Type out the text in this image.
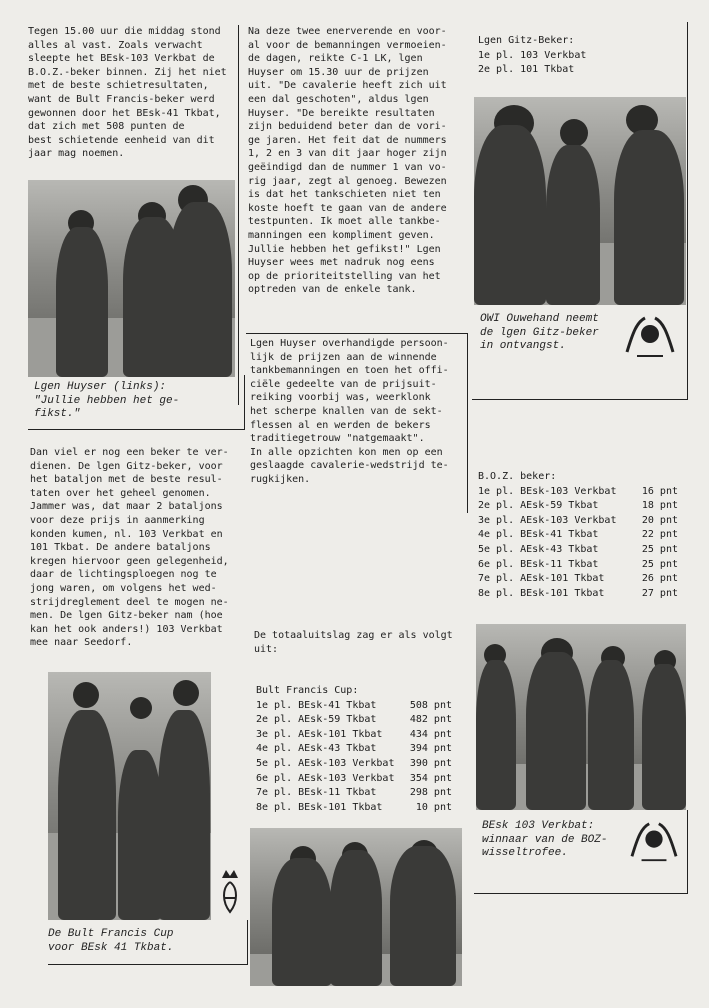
Tegen 15.00 uur die middag stond
alles al vast. Zoals verwacht
sleepte het BEsk-103 Verkbat de
B.O.Z.-beker binnen. Zij het niet
met de beste schietresultaten,
want de Bult Francis-beker werd
gewonnen door het BEsk-41 Tkbat,
dat zich met 508 punten de
best schietende eenheid van dit
jaar mag noemen.
Lgen Huyser (links):
"Jullie hebben het ge-
fikst."
Dan viel er nog een beker te ver-
dienen. De lgen Gitz-beker, voor
het bataljon met de beste resul-
taten over het geheel genomen.
Jammer was, dat maar 2 bataljons
voor deze prijs in aanmerking
konden kumen, nl. 103 Verkbat en
101 Tkbat. De andere bataljons
kregen hiervoor geen gelegenheid,
daar de lichtingsploegen nog te
jong waren, om volgens het wed-
strijdreglement deel te mogen ne-
men. De lgen Gitz-beker nam (hoe
kan het ook anders!) 103 Verkbat
mee naar Seedorf.
De Bult Francis Cup
voor BEsk 41 Tkbat.
Na deze twee enerverende en voor-
al voor de bemanningen vermoeien-
de dagen, reikte C-1 LK, lgen
Huyser om 15.30 uur de prijzen
uit. "De cavalerie heeft zich uit
een dal geschoten", aldus lgen
Huyser. "De bereikte resultaten
zijn beduidend beter dan de vori-
ge jaren. Het feit dat de nummers
1, 2 en 3 van dit jaar hoger zijn
geëindigd dan de nummer 1 van vo-
rig jaar, zegt al genoeg. Bewezen
is dat het tankschieten niet ten
koste hoeft te gaan van de andere
testpunten. Ik moet alle tankbe-
manningen een kompliment geven.
Jullie hebben het gefikst!" Lgen
Huyser wees met nadruk nog eens
op de prioriteitstelling van het
optreden van de enkele tank.
Lgen Huyser overhandigde persoon-
lijk de prijzen aan de winnende
tankbemanningen en toen het offi-
ciële gedeelte van de prijsuit-
reiking voorbij was, weerklonk
het scherpe knallen van de sekt-
flessen al en werden de bekers
traditiegetrouw "natgemaakt".
In alle opzichten kon men op een
geslaagde cavalerie-wedstrijd te-
rugkijken.
De totaaluitslag zag er als volgt
uit:
Bult Francis Cup:
1e pl. BEsk-41 Tkbat	508 pnt
2e pl. AEsk-59 Tkbat	482 pnt
3e pl. AEsk-101 Tkbat	434 pnt
4e pl. AEsk-43 Tkbat	394 pnt
5e pl. AEsk-103 Verkbat	390 pnt
6e pl. AEsk-103 Verkbat	354 pnt
7e pl. BEsk-11 Tkbat	298 pnt
8e pl. BEsk-101 Tkbat	10 pnt
Lgen Gitz-Beker:
1e pl. 103 Verkbat
2e pl. 101 Tkbat
OWI Ouwehand neemt
de lgen Gitz-beker
in ontvangst.
B.O.Z. beker:
1e pl. BEsk-103 Verkbat	16 pnt
2e pl. AEsk-59 Tkbat	18 pnt
3e pl. AEsk-103 Verkbat	20 pnt
4e pl. BEsk-41 Tkbat	22 pnt
5e pl. AEsk-43 Tkbat	25 pnt
6e pl. BEsk-11 Tkbat	25 pnt
7e pl. AEsk-101 Tkbat	26 pnt
8e pl. BEsk-101 Tkbat	27 pnt
BEsk 103 Verkbat:
winnaar van de BOZ-
wisseltrofee.
